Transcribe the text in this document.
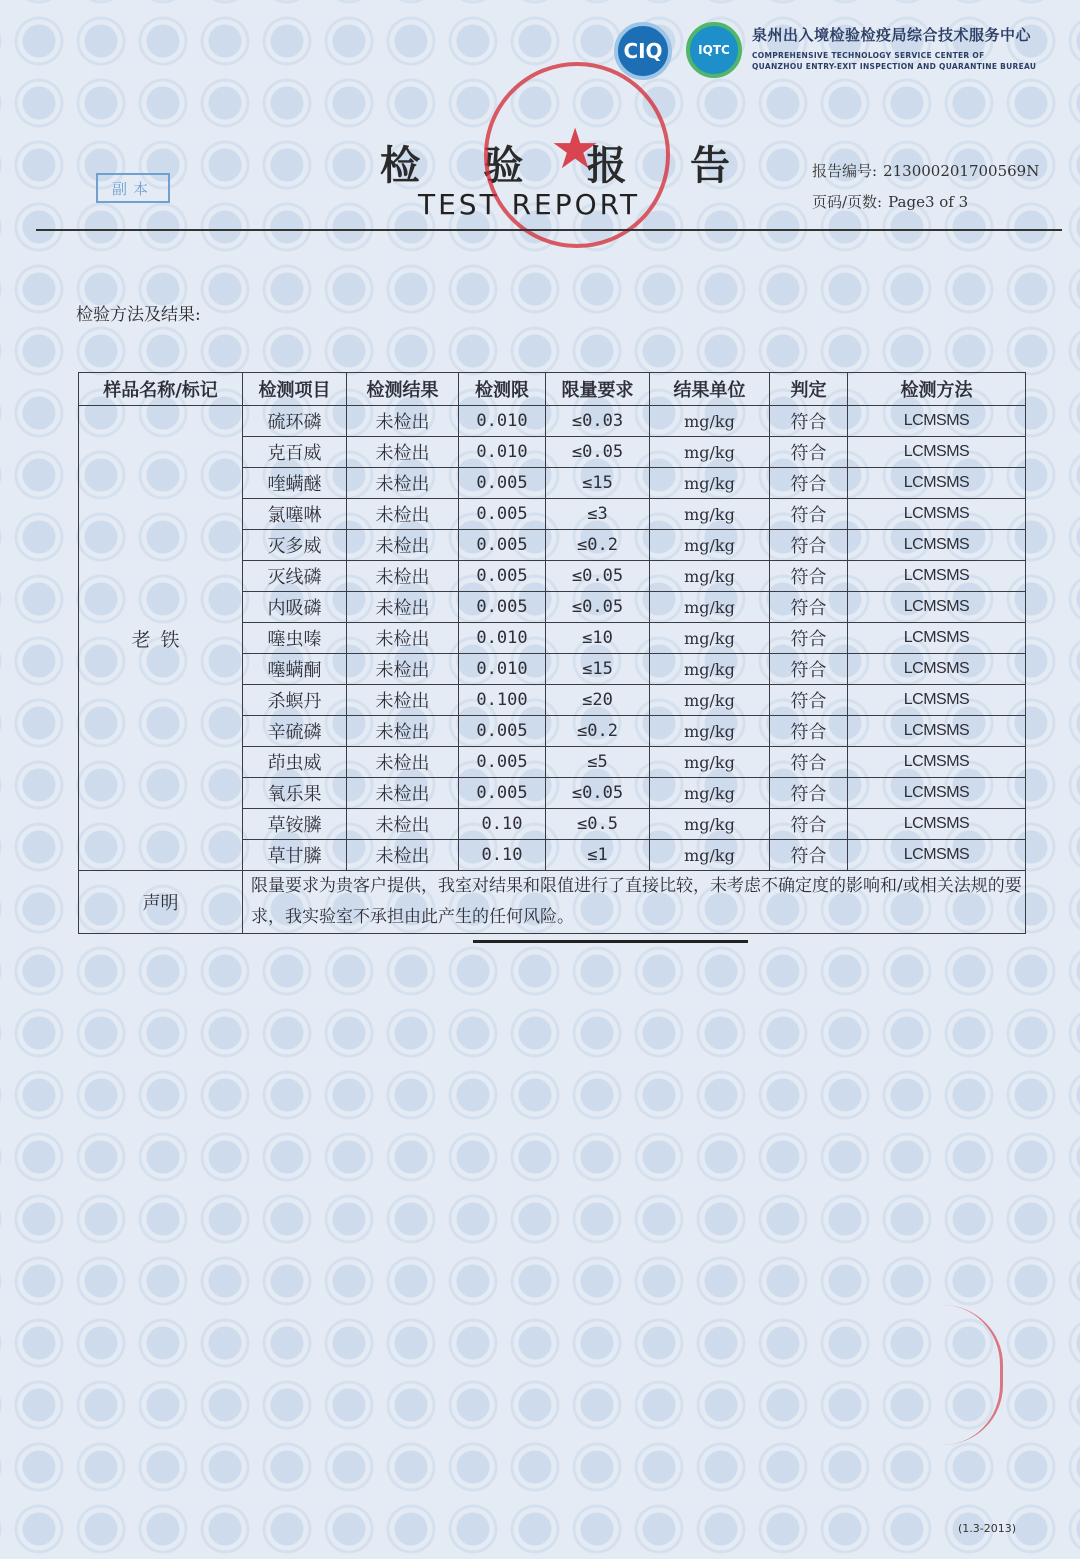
CIQ	IQTC
泉州出入境检验检疫局综合技术服务中心
COMPREHENSIVE TECHNOLOGY SERVICE CENTER OF
QUANZHOU ENTRY-EXIT INSPECTION AND QUARANTINE BUREAU
副本	检 验 报 告
TEST REPORT
★	报告编号: 213000201700569N
页码/页数: Page3 of 3
检验方法及结果:
样品名称/标记	检测项目	检测结果	检测限	限量要求	结果单位	判定	检测方法
老铁	硫环磷	未检出	0.010	≤0.03	mg/kg	符合	LCMSMS
	克百威	未检出	0.010	≤0.05	mg/kg	符合	LCMSMS
	喹螨醚	未检出	0.005	≤15	mg/kg	符合	LCMSMS
	氯噻啉	未检出	0.005	≤3	mg/kg	符合	LCMSMS
	灭多威	未检出	0.005	≤0.2	mg/kg	符合	LCMSMS
	灭线磷	未检出	0.005	≤0.05	mg/kg	符合	LCMSMS
	内吸磷	未检出	0.005	≤0.05	mg/kg	符合	LCMSMS
	噻虫嗪	未检出	0.010	≤10	mg/kg	符合	LCMSMS
	噻螨酮	未检出	0.010	≤15	mg/kg	符合	LCMSMS
	杀螟丹	未检出	0.100	≤20	mg/kg	符合	LCMSMS
	辛硫磷	未检出	0.005	≤0.2	mg/kg	符合	LCMSMS
	茚虫威	未检出	0.005	≤5	mg/kg	符合	LCMSMS
	氧乐果	未检出	0.005	≤0.05	mg/kg	符合	LCMSMS
	草铵膦	未检出	0.10	≤0.5	mg/kg	符合	LCMSMS
	草甘膦	未检出	0.10	≤1	mg/kg	符合	LCMSMS
声明	限量要求为贵客户提供，我室对结果和限值进行了直接比较，未考虑不确定度的影响和/或相关法规的要求，我实验室不承担由此产生的任何风险。						
(1.3-2013)
